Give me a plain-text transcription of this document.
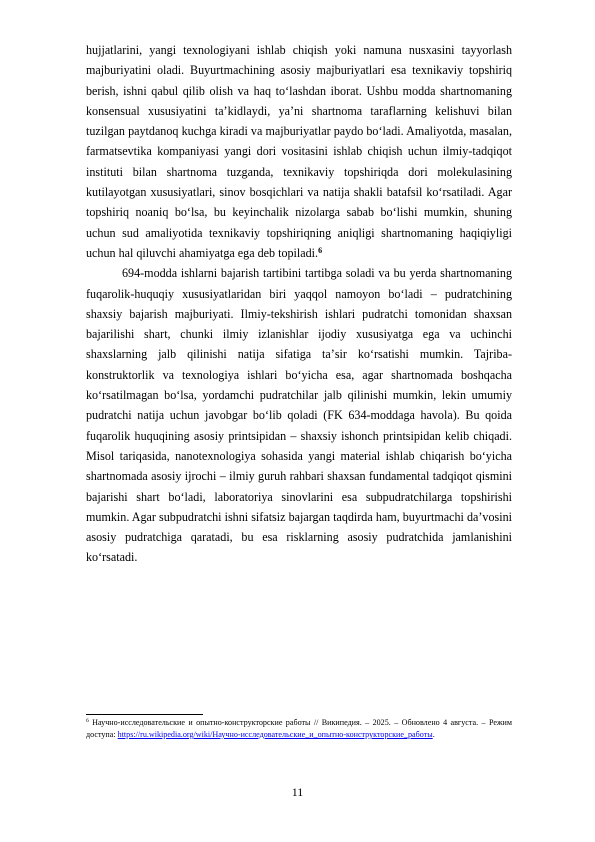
hujjatlarini, yangi texnologiyani ishlab chiqish yoki namuna nusxasini tayyorlash majburiyatini oladi. Buyurtmachining asosiy majburiyatlari esa texnikaviy topshiriq berish, ishni qabul qilib olish va haq toʻlashdan iborat. Ushbu modda shartnomaning konsensual xususiyatini taʼkidlaydi, yaʼni shartnoma taraflarning kelishuvi bilan tuzilgan paytdanoq kuchga kiradi va majburiyatlar paydo boʻladi. Amaliyotda, masalan, farmatsevtika kompaniyasi yangi dori vositasini ishlab chiqish uchun ilmiy-tadqiqot instituti bilan shartnoma tuzganda, texnikaviy topshiriqda dori molekulasining kutilayotgan xususiyatlari, sinov bosqichlari va natija shakli batafsil koʻrsatiladi. Agar topshiriq noaniq boʻlsa, bu keyinchalik nizolarga sabab boʻlishi mumkin, shuning uchun sud amaliyotida texnikaviy topshiriqning aniqligi shartnomaning haqiqiyligi uchun hal qiluvchi ahamiyatga ega deb topiladi.$^6$

694-modda ishlarni bajarish tartibini tartibga soladi va bu yerda shartnomaning fuqarolik-huquqiy xususiyatlaridan biri yaqqol namoyon boʻladi – pudratchining shaxsiy bajarish majburiyati. Ilmiy-tekshirish ishlari pudratchi tomonidan shaxsan bajarilishi shart, chunki ilmiy izlanishlar ijodiy xususiyatga ega va uchinchi shaxslarning jalb qilinishi natija sifatiga taʼsir koʻrsatishi mumkin. Tajriba-konstruktorlik va texnologiya ishlari boʻyicha esa, agar shartnomada boshqacha koʻrsatilmagan boʻlsa, yordamchi pudratchilar jalb qilinishi mumkin, lekin umumiy pudratchi natija uchun javobgar boʻlib qoladi (FK 634-moddaga havola). Bu qoida fuqarolik huquqining asosiy printsipidan – shaxsiy ishonch printsipidan kelib chiqadi. Misol tariqasida, nanotexnologiya sohasida yangi material ishlab chiqarish boʻyicha shartnomada asosiy ijrochi – ilmiy guruh rahbari shaxsan fundamental tadqiqot qismini bajarishi shart boʻladi, laboratoriya sinovlarini esa subpudratchilarga topshirishi mumkin. Agar subpudratchi ishni sifatsiz bajargan taqdirda ham, buyurtmachi daʼvosini asosiy pudratchiga qaratadi, bu esa risklarning asosiy pudratchida jamlanishini koʻrsatadi.

$^6$ Научно-исследовательские и опытно-конструкторские работы // Википедия. – 2025. – Обновлено 4 августа. – Режим доступа: https://ru.wikipedia.org/wiki/Научно-исследовательские_и_опытно-конструкторские_работы.
11
